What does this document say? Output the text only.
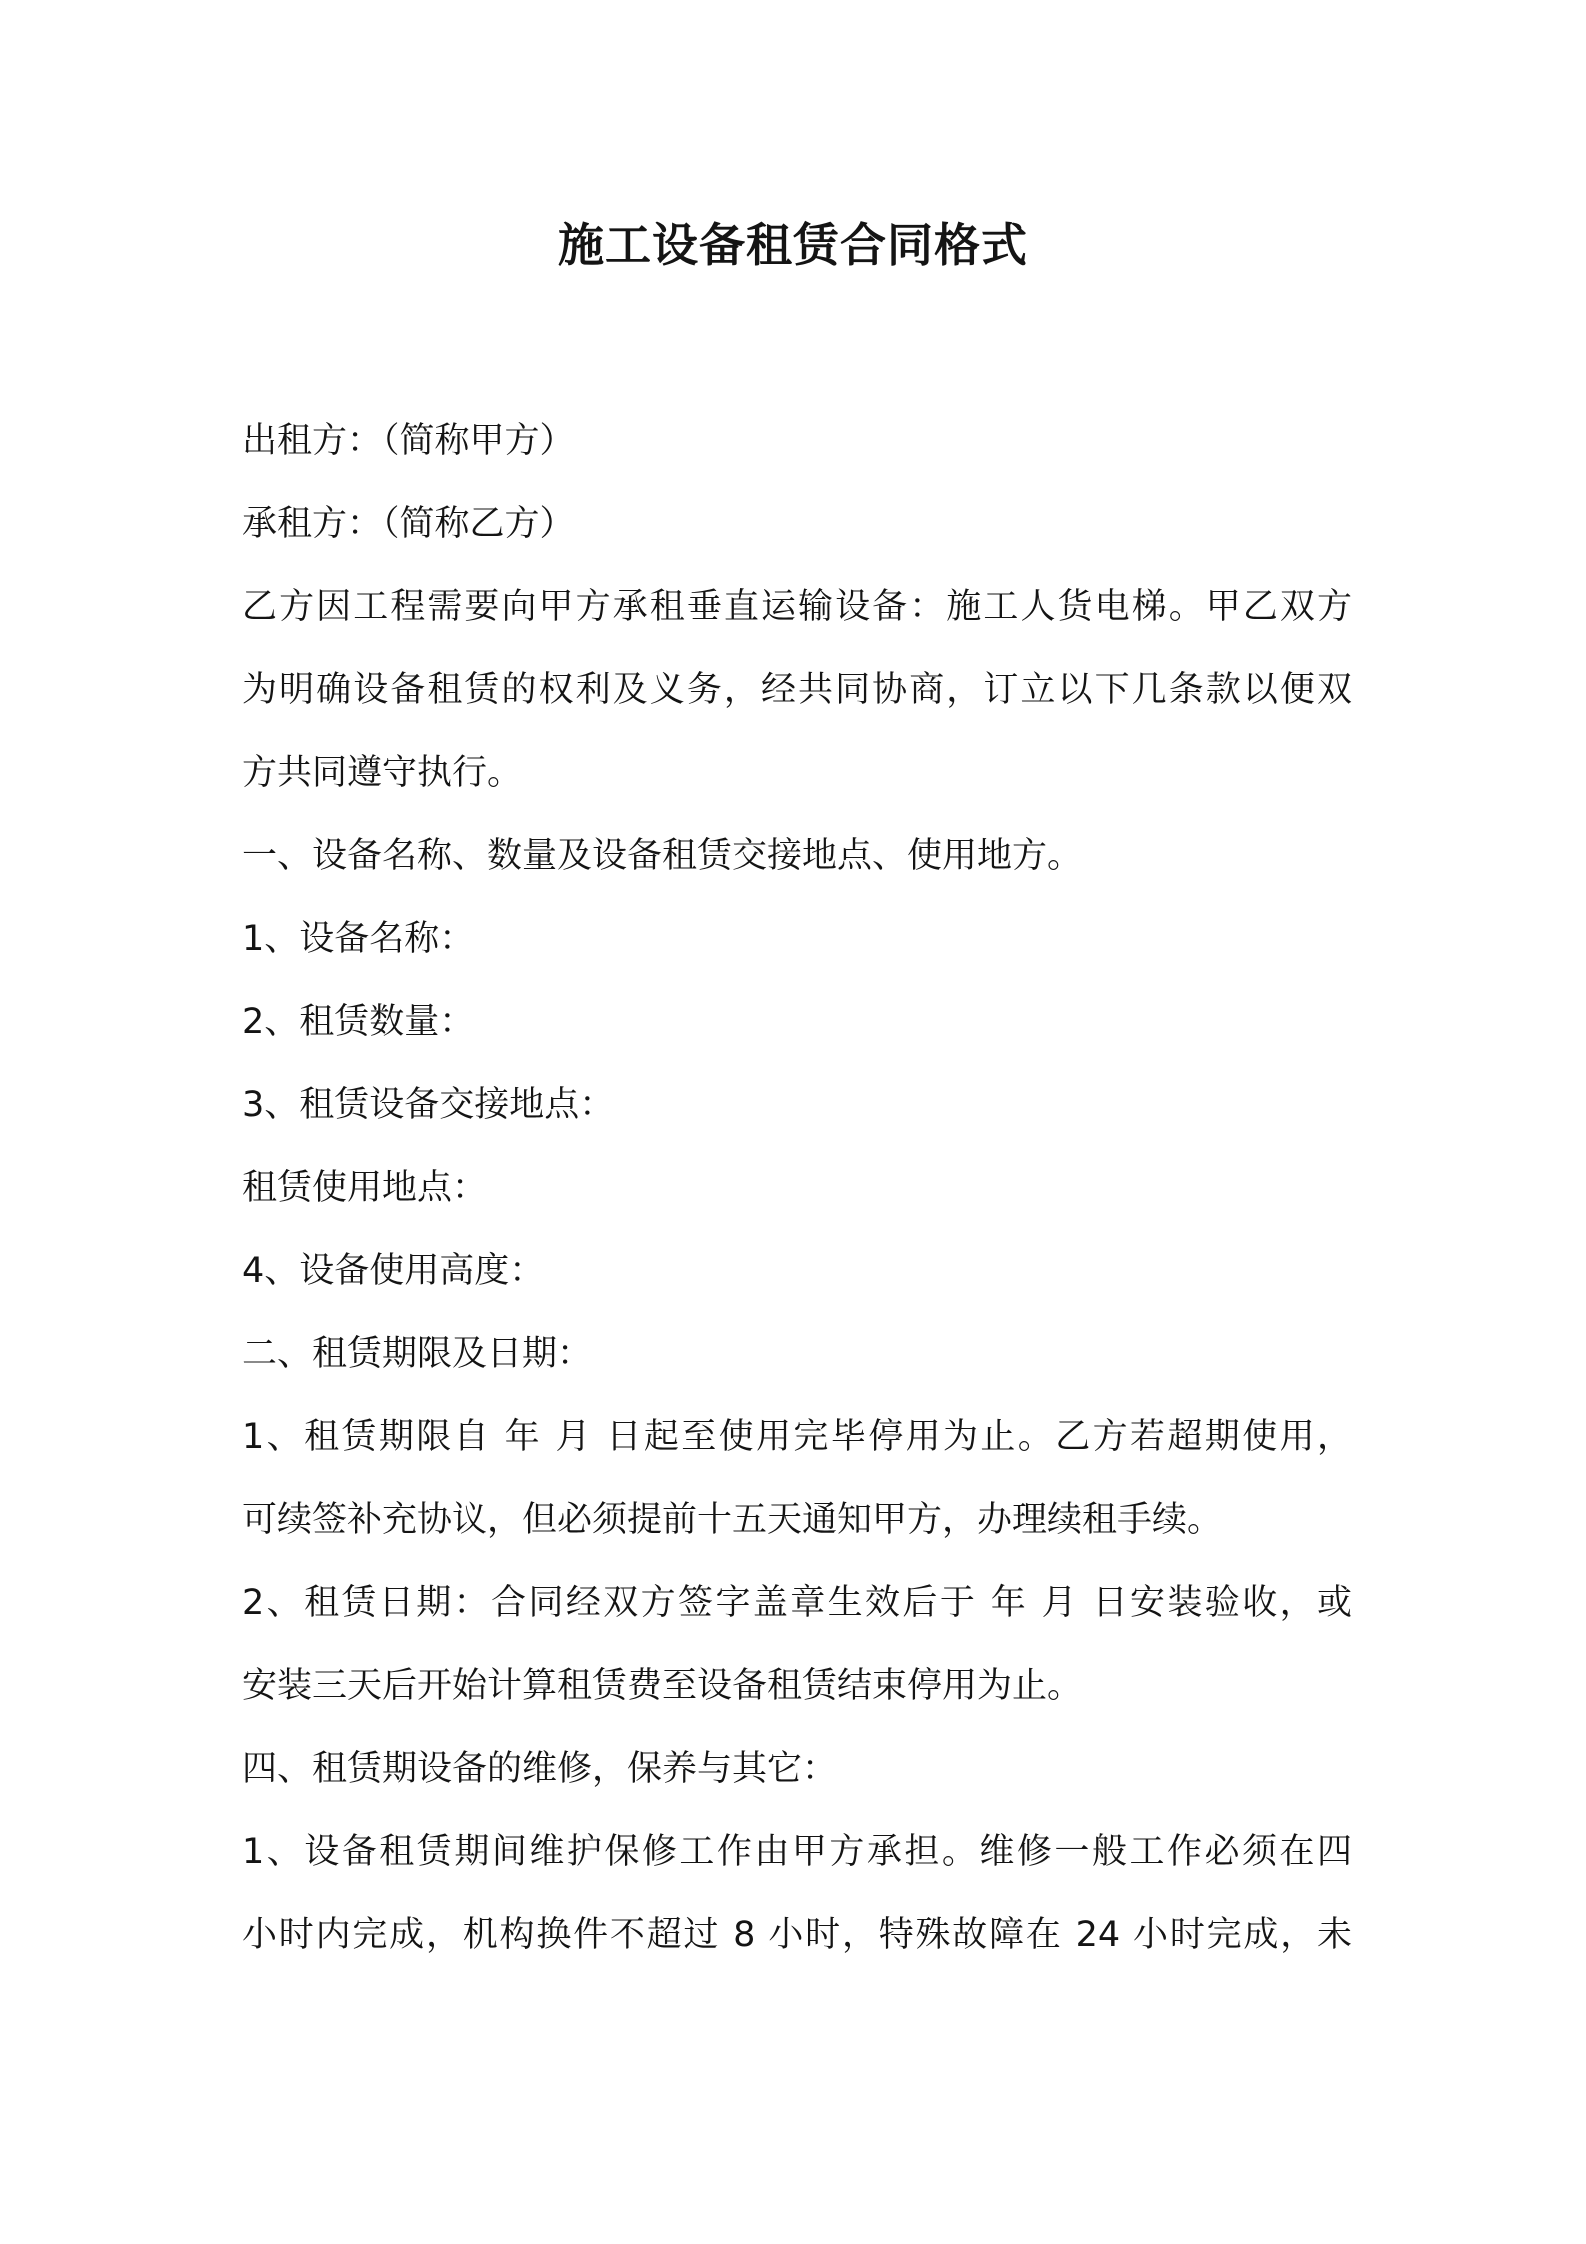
施工设备租赁合同格式

出租方：（简称甲方）

承租方：（简称乙方）

乙方因工程需要向甲方承租垂直运输设备：施工人货电梯。甲乙双方

为明确设备租赁的权利及义务，经共同协商，订立以下几条款以便双

方共同遵守执行。

一、设备名称、数量及设备租赁交接地点、使用地方。

1、设备名称：

2、租赁数量：

3、租赁设备交接地点：

租赁使用地点：

4、设备使用高度：

二、租赁期限及日期：

1、租赁期限自 年 月 日起至使用完毕停用为止。乙方若超期使用，

可续签补充协议，但必须提前十五天通知甲方，办理续租手续。

2、租赁日期：合同经双方签字盖章生效后于 年 月 日安装验收，或

安装三天后开始计算租赁费至设备租赁结束停用为止。

四、租赁期设备的维修，保养与其它：

1、设备租赁期间维护保修工作由甲方承担。维修一般工作必须在四

小时内完成，机构换件不超过 8 小时，特殊故障在 24 小时完成，未
